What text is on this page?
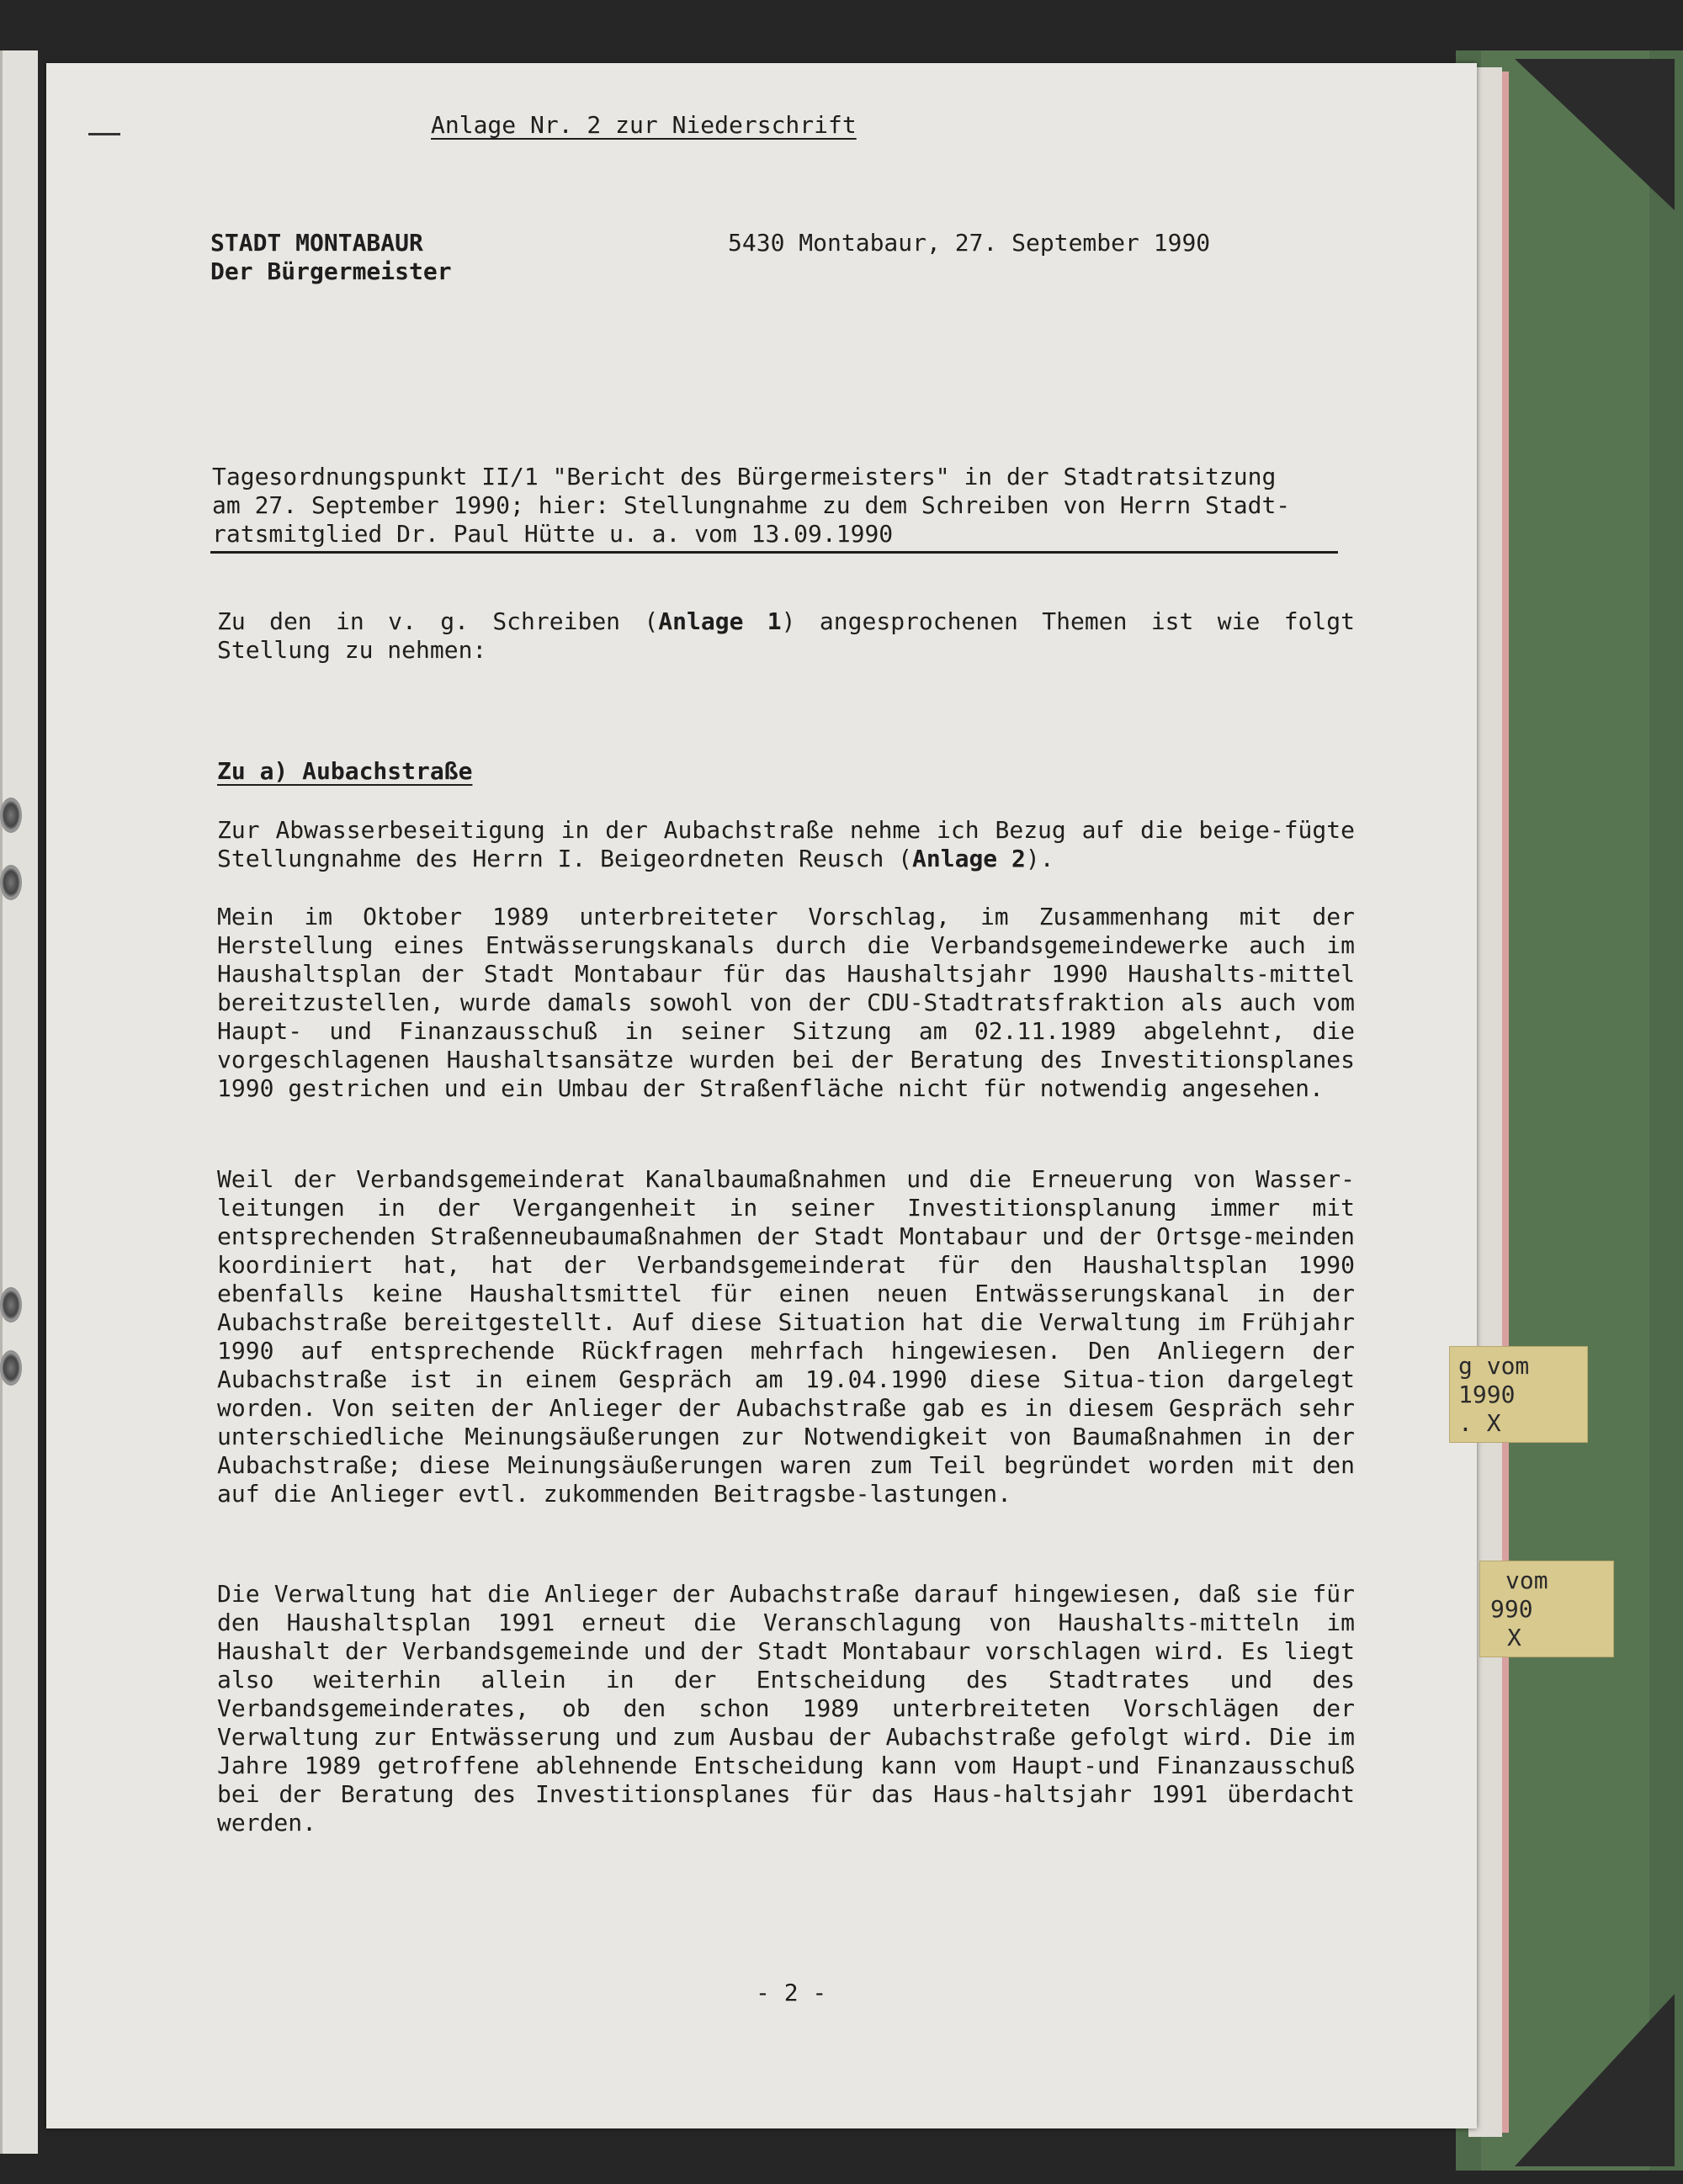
g vom
1990
. X
vom
990
X
Anlage Nr. 2 zur Niederschrift
STADT MONTABAUR
Der Bürgermeister
5430 Montabaur, 27. September 1990
Tagesordnungspunkt II/1 "Bericht des Bürgermeisters" in der Stadtratsitzung
am 27. September 1990; hier: Stellungnahme zu dem Schreiben von Herrn Stadt-
ratsmitglied Dr. Paul Hütte u. a. vom 13.09.1990

Zu den in v. g. Schreiben (Anlage 1) angesprochenen Themen ist wie folgt Stellung zu nehmen:

Zu a) Aubachstraße

Zur Abwasserbeseitigung in der Aubachstraße nehme ich Bezug auf die beige-fügte Stellungnahme des Herrn I. Beigeordneten Reusch (Anlage 2).

Mein im Oktober 1989 unterbreiteter Vorschlag, im Zusammenhang mit der Herstellung eines Entwässerungskanals durch die Verbandsgemeindewerke auch im Haushaltsplan der Stadt Montabaur für das Haushaltsjahr 1990 Haushalts-mittel bereitzustellen, wurde damals sowohl von der CDU-Stadtratsfraktion als auch vom Haupt- und Finanzausschuß in seiner Sitzung am 02.11.1989 abgelehnt, die vorgeschlagenen Haushaltsansätze wurden bei der Beratung des Investitionsplanes 1990 gestrichen und ein Umbau der Straßenfläche nicht für notwendig angesehen.

Weil der Verbandsgemeinderat Kanalbaumaßnahmen und die Erneuerung von Wasser-leitungen in der Vergangenheit in seiner Investitionsplanung immer mit entsprechenden Straßenneubaumaßnahmen der Stadt Montabaur und der Ortsge-meinden koordiniert hat, hat der Verbandsgemeinderat für den Haushaltsplan 1990 ebenfalls keine Haushaltsmittel für einen neuen Entwässerungskanal in der Aubachstraße bereitgestellt. Auf diese Situation hat die Verwaltung im Frühjahr 1990 auf entsprechende Rückfragen mehrfach hingewiesen. Den Anliegern der Aubachstraße ist in einem Gespräch am 19.04.1990 diese Situa-tion dargelegt worden. Von seiten der Anlieger der Aubachstraße gab es in diesem Gespräch sehr unterschiedliche Meinungsäußerungen zur Notwendigkeit von Baumaßnahmen in der Aubachstraße; diese Meinungsäußerungen waren zum Teil begründet worden mit den auf die Anlieger evtl. zukommenden Beitragsbe-lastungen.

Die Verwaltung hat die Anlieger der Aubachstraße darauf hingewiesen, daß sie für den Haushaltsplan 1991 erneut die Veranschlagung von Haushalts-mitteln im Haushalt der Verbandsgemeinde und der Stadt Montabaur vorschlagen wird. Es liegt also weiterhin allein in der Entscheidung des Stadtrates und des Verbandsgemeinderates, ob den schon 1989 unterbreiteten Vorschlägen der Verwaltung zur Entwässerung und zum Ausbau der Aubachstraße gefolgt wird. Die im Jahre 1989 getroffene ablehnende Entscheidung kann vom Haupt-und Finanzausschuß bei der Beratung des Investitionsplanes für das Haus-haltsjahr 1991 überdacht werden.

- 2 -
